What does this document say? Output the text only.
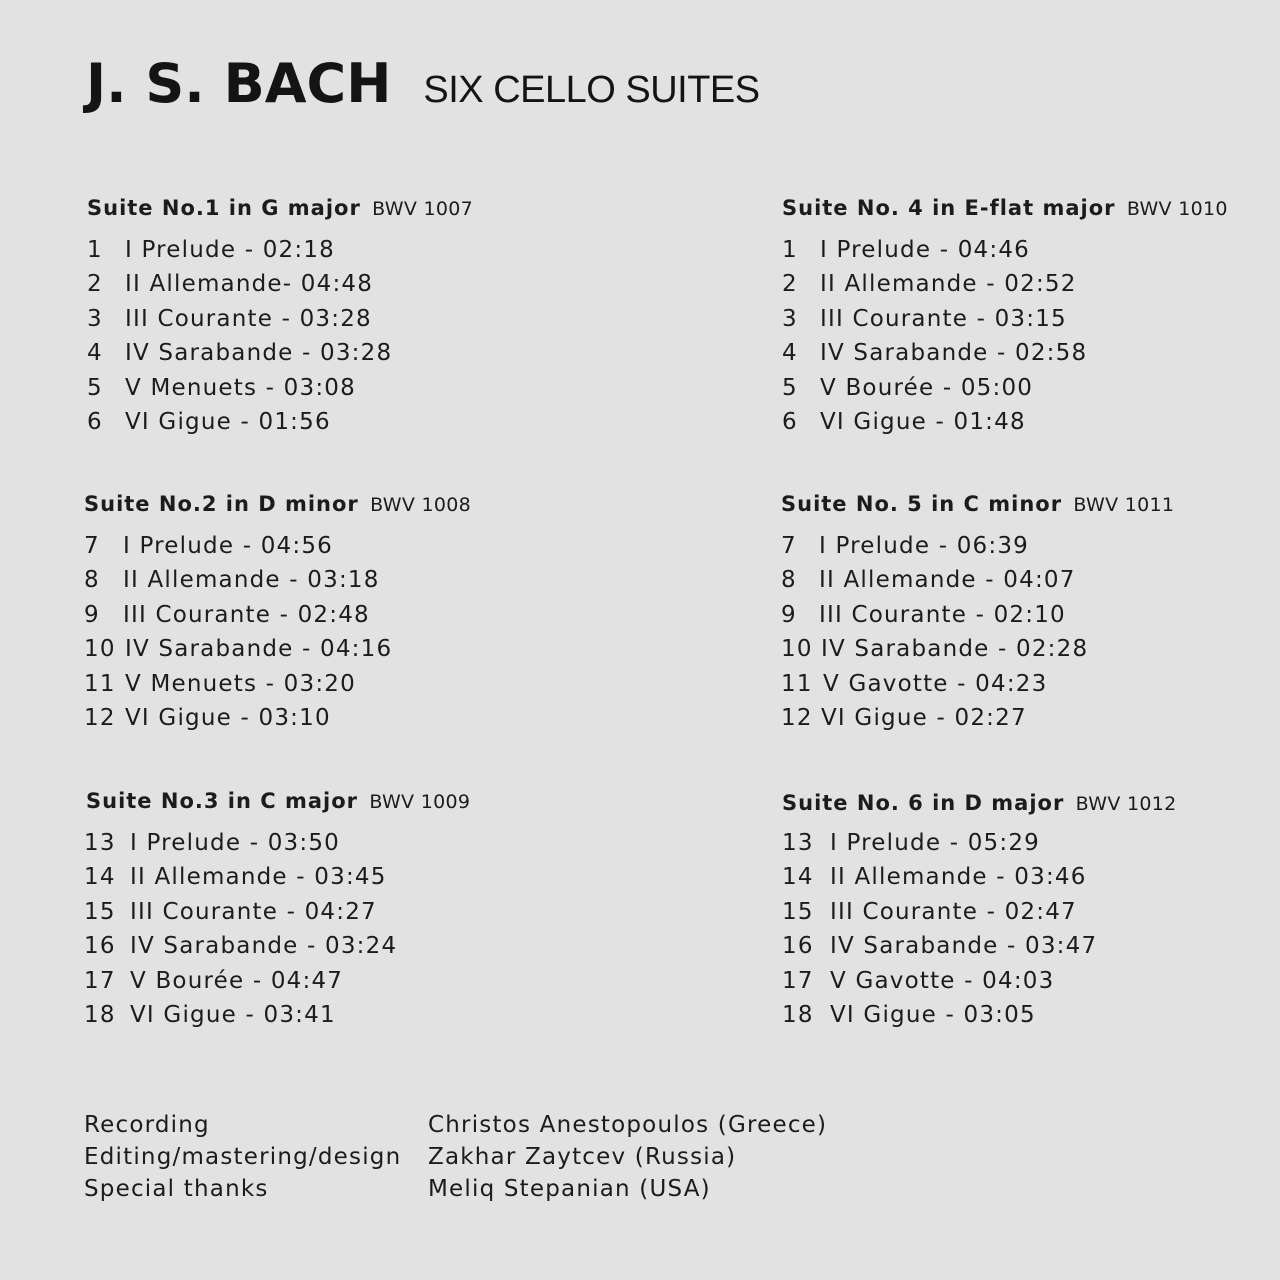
J. S. BACH SIX CELLO SUITES
Suite No.1 in G major BWV 1007
1 I Prelude - 02:18
2 II Allemande- 04:48
3 III Courante - 03:28
4 IV Sarabande - 03:28
5 V Menuets - 03:08
6 VI Gigue - 01:56
Suite No. 4 in E-flat major BWV 1010
1 I Prelude - 04:46
2 II Allemande - 02:52
3 III Courante - 03:15
4 IV Sarabande - 02:58
5 V Bourée - 05:00
6 VI Gigue - 01:48
Suite No.2 in D minor BWV 1008
7	I Prelude - 04:56
8	II Allemande - 03:18
9	III Courante - 02:48
10 IV Sarabande - 04:16
11 V Menuets - 03:20
12 VI Gigue - 03:10
Suite No. 5 in C minor BWV 1011
7 I Prelude - 06:39
8 II Allemande - 04:07
9 III Courante - 02:10
10 IV Sarabande - 02:28
11 V Gavotte - 04:23
12 VI Gigue - 02:27
Suite No.3 in C major BWV 1009
13 I Prelude - 03:50
14 II Allemande - 03:45
15 III Courante - 04:27
16 IV Sarabande - 03:24
17 V Bourée - 04:47
18 VI Gigue - 03:41
Suite No. 6 in D major BWV 1012
13 I Prelude - 05:29
14 II Allemande - 03:46
15 III Courante - 02:47
16 IV Sarabande - 03:47
17 V Gavotte - 04:03
18 VI Gigue - 03:05
Recording	Christos Anestopoulos (Greece)
Editing/mastering/design	Zakhar Zaytcev (Russia)
Special thanks	Meliq Stepanian (USA)
